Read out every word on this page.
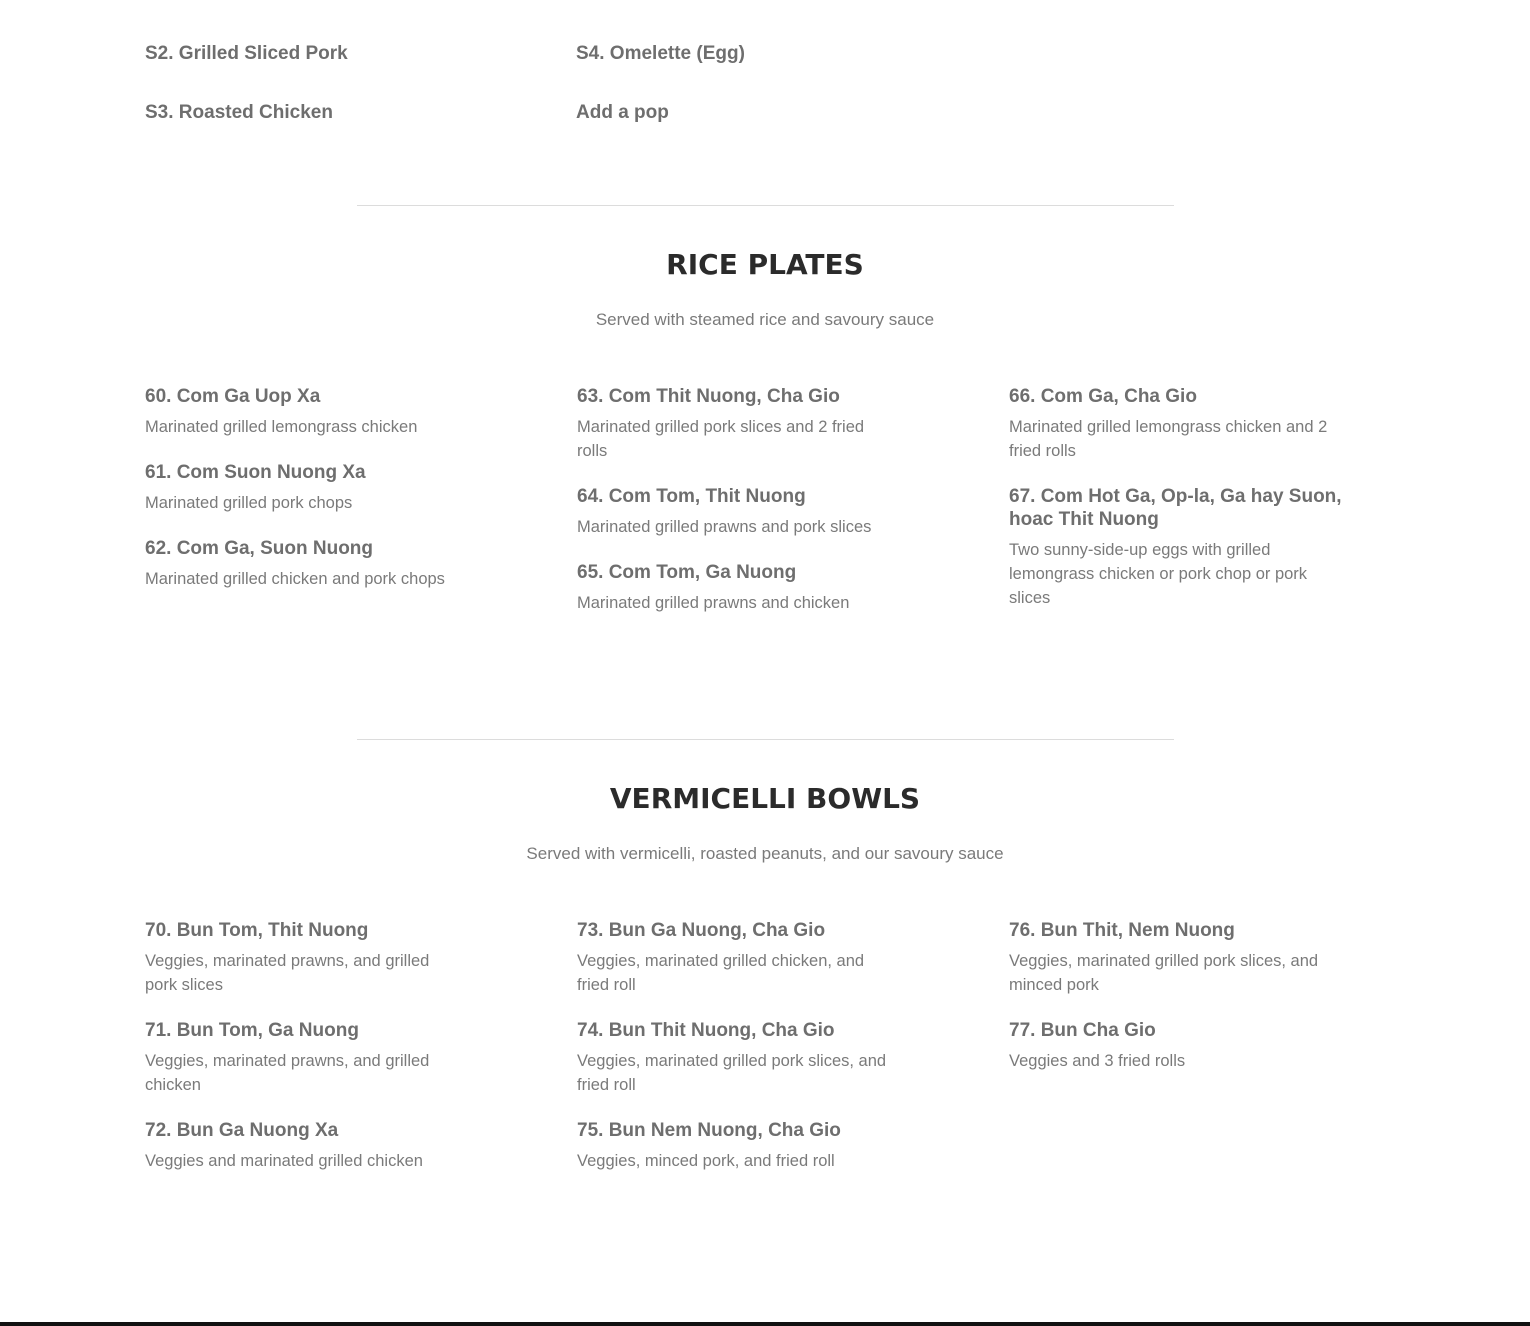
S2. Grilled Sliced Pork	S4. Omelette (Egg)
S3. Roasted Chicken	Add a pop
RICE PLATES
Served with steamed rice and savoury sauce
60. Com Ga Uop Xa
Marinated grilled lemongrass chicken
61. Com Suon Nuong Xa
Marinated grilled pork chops
62. Com Ga, Suon Nuong
Marinated grilled chicken and pork chops
63. Com Thit Nuong, Cha Gio
Marinated grilled pork slices and 2 fried rolls
64. Com Tom, Thit Nuong
Marinated grilled prawns and pork slices
65. Com Tom, Ga Nuong
Marinated grilled prawns and chicken
66. Com Ga, Cha Gio
Marinated grilled lemongrass chicken and 2 fried rolls
67. Com Hot Ga, Op-la, Ga hay Suon, hoac Thit Nuong
Two sunny-side-up eggs with grilled lemongrass chicken or pork chop or pork slices
VERMICELLI BOWLS
Served with vermicelli, roasted peanuts, and our savoury sauce
70. Bun Tom, Thit Nuong
Veggies, marinated prawns, and grilled pork slices
71. Bun Tom, Ga Nuong
Veggies, marinated prawns, and grilled chicken
72. Bun Ga Nuong Xa
Veggies and marinated grilled chicken
73. Bun Ga Nuong, Cha Gio
Veggies, marinated grilled chicken, and fried roll
74. Bun Thit Nuong, Cha Gio
Veggies, marinated grilled pork slices, and fried roll
75. Bun Nem Nuong, Cha Gio
Veggies, minced pork, and fried roll
76. Bun Thit, Nem Nuong
Veggies, marinated grilled pork slices, and minced pork
77. Bun Cha Gio
Veggies and 3 fried rolls
